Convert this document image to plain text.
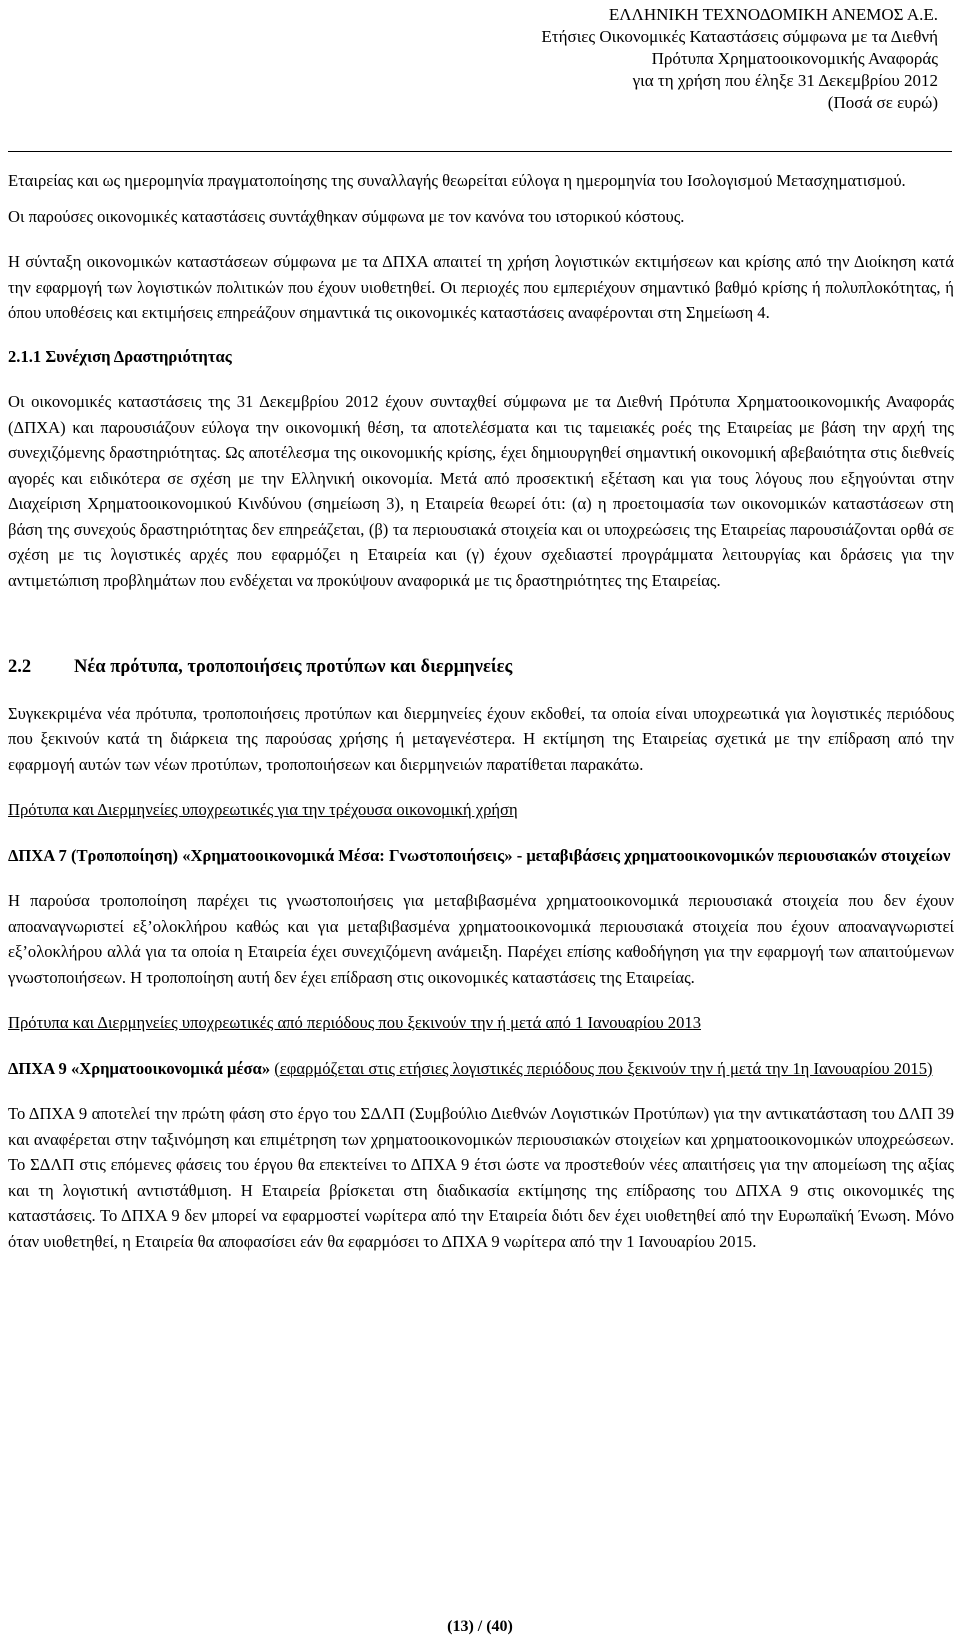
ΕΛΛΗΝΙΚΗ ΤΕΧΝΟΔΟΜΙΚΗ ΑΝΕΜΟΣ Α.Ε.
Ετήσιες Οικονομικές Καταστάσεις σύμφωνα με τα Διεθνή
Πρότυπα Χρηματοοικονομικής Αναφοράς
για τη χρήση που έληξε 31 Δεκεμβρίου 2012
(Ποσά σε ευρώ)

Εταιρείας και ως ημερομηνία πραγματοποίησης της συναλλαγής θεωρείται εύλογα η ημερομηνία του Ισολογισμού Μετασχηματισμού.

Οι παρούσες οικονομικές καταστάσεις συντάχθηκαν σύμφωνα με τον κανόνα του ιστορικού κόστους.

Η σύνταξη οικονομικών καταστάσεων σύμφωνα με τα ΔΠΧΑ απαιτεί τη χρήση λογιστικών εκτιμήσεων και κρίσης από την Διοίκηση κατά την εφαρμογή των λογιστικών πολιτικών που έχουν υιοθετηθεί. Οι περιοχές που εμπεριέχουν σημαντικό βαθμό κρίσης ή πολυπλοκότητας, ή όπου υποθέσεις και εκτιμήσεις επηρεάζουν σημαντικά τις οικονομικές καταστάσεις αναφέρονται στη Σημείωση 4.

2.1.1 Συνέχιση Δραστηριότητας

Οι οικονομικές καταστάσεις της 31 Δεκεμβρίου 2012 έχουν συνταχθεί σύμφωνα με τα Διεθνή Πρότυπα Χρηματοοικονομικής Αναφοράς (ΔΠΧΑ) και παρουσιάζουν εύλογα την οικονομική θέση, τα αποτελέσματα και τις ταμειακές ροές της Εταιρείας με βάση την αρχή της συνεχιζόμενης δραστηριότητας. Ως αποτέλεσμα της οικονομικής κρίσης, έχει δημιουργηθεί σημαντική οικονομική αβεβαιότητα στις διεθνείς αγορές και ειδικότερα σε σχέση με την Ελληνική οικονομία. Μετά από προσεκτική εξέταση και για τους λόγους που εξηγούνται στην Διαχείριση Χρηματοοικονομικού Κινδύνου (σημείωση 3), η Εταιρεία θεωρεί ότι: (α) η προετοιμασία των οικονομικών καταστάσεων στη βάση της συνεχούς δραστηριότητας δεν επηρεάζεται, (β) τα περιουσιακά στοιχεία και οι υποχρεώσεις της Εταιρείας παρουσιάζονται ορθά σε σχέση με τις λογιστικές αρχές που εφαρμόζει η Εταιρεία και (γ) έχουν σχεδιαστεί προγράμματα λειτουργίας και δράσεις για την αντιμετώπιση προβλημάτων που ενδέχεται να προκύψουν αναφορικά με τις δραστηριότητες της Εταιρείας.

2.2 Νέα πρότυπα, τροποποιήσεις προτύπων και διερμηνείες

Συγκεκριμένα νέα πρότυπα, τροποποιήσεις προτύπων και διερμηνείες έχουν εκδοθεί, τα οποία είναι υποχρεωτικά για λογιστικές περιόδους που ξεκινούν κατά τη διάρκεια της παρούσας χρήσης ή μεταγενέστερα. Η εκτίμηση της Εταιρείας σχετικά με την επίδραση από την εφαρμογή αυτών των νέων προτύπων, τροποποιήσεων και διερμηνειών παρατίθεται παρακάτω.

Πρότυπα και Διερμηνείες υποχρεωτικές για την τρέχουσα οικονομική χρήση

ΔΠΧΑ 7 (Τροποποίηση) «Χρηματοοικονομικά Μέσα: Γνωστοποιήσεις» - μεταβιβάσεις χρηματοοικονομικών περιουσιακών στοιχείων

Η παρούσα τροποποίηση παρέχει τις γνωστοποιήσεις για μεταβιβασμένα χρηματοοικονομικά περιουσιακά στοιχεία που δεν έχουν αποαναγνωριστεί εξ’ολοκλήρου καθώς και για μεταβιβασμένα χρηματοοικονομικά περιουσιακά στοιχεία που έχουν αποαναγνωριστεί εξ’ολοκλήρου αλλά για τα οποία η Εταιρεία έχει συνεχιζόμενη ανάμειξη. Παρέχει επίσης καθοδήγηση για την εφαρμογή των απαιτούμενων γνωστοποιήσεων. Η τροποποίηση αυτή δεν έχει επίδραση στις οικονομικές καταστάσεις της Εταιρείας.

Πρότυπα και Διερμηνείες υποχρεωτικές από περιόδους που ξεκινούν την ή μετά από 1 Ιανουαρίου 2013

ΔΠΧΑ 9 «Χρηματοοικονομικά μέσα» (εφαρμόζεται στις ετήσιες λογιστικές περιόδους που ξεκινούν την ή μετά την 1η Ιανουαρίου 2015)

Το ΔΠΧΑ 9 αποτελεί την πρώτη φάση στο έργο του ΣΔΛΠ (Συμβούλιο Διεθνών Λογιστικών Προτύπων) για την αντικατάσταση του ΔΛΠ 39 και αναφέρεται στην ταξινόμηση και επιμέτρηση των χρηματοοικονομικών περιουσιακών στοιχείων και χρηματοοικονομικών υποχρεώσεων. Το ΣΔΛΠ στις επόμενες φάσεις του έργου θα επεκτείνει το ΔΠΧΑ 9 έτσι ώστε να προστεθούν νέες απαιτήσεις για την απομείωση της αξίας και τη λογιστική αντιστάθμιση. Η Εταιρεία βρίσκεται στη διαδικασία εκτίμησης της επίδρασης του ΔΠΧΑ 9 στις οικονομικές της καταστάσεις. Το ΔΠΧΑ 9 δεν μπορεί να εφαρμοστεί νωρίτερα από την Εταιρεία διότι δεν έχει υιοθετηθεί από την Ευρωπαϊκή Ένωση. Μόνο όταν υιοθετηθεί, η Εταιρεία θα αποφασίσει εάν θα εφαρμόσει το ΔΠΧΑ 9 νωρίτερα από την 1 Ιανουαρίου 2015.

(13) / (40)
